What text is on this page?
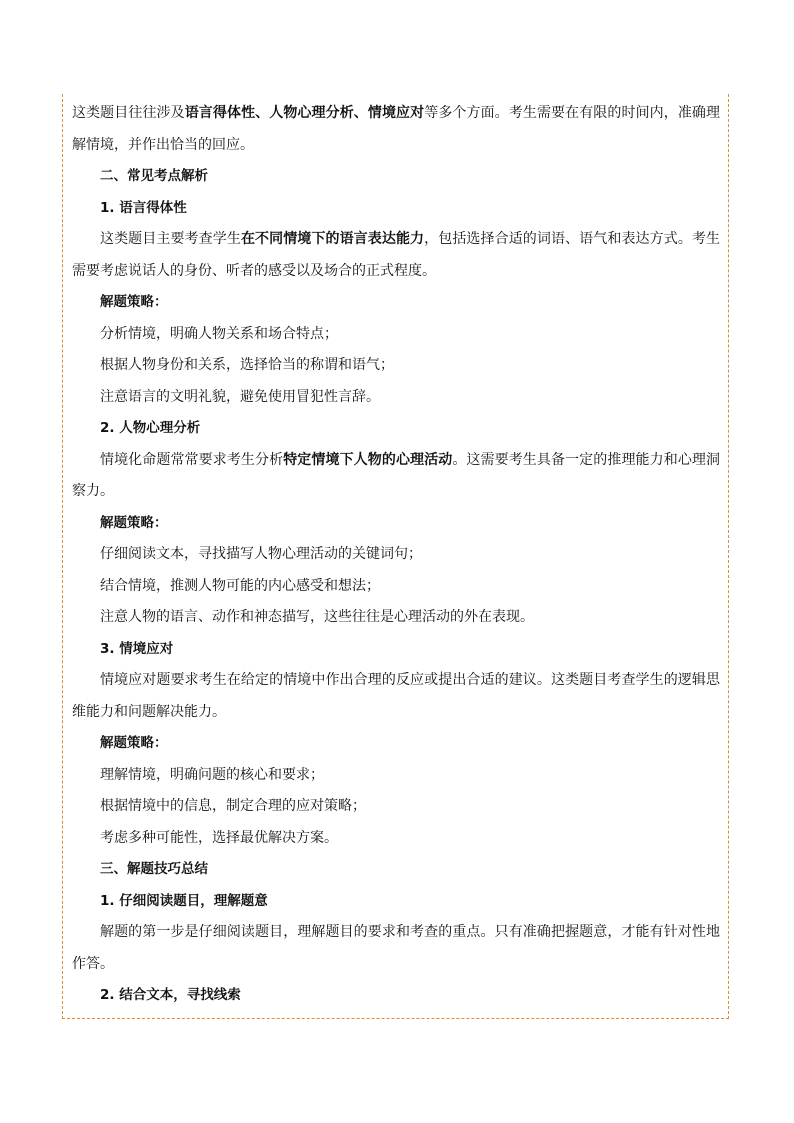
这类题目往往涉及语言得体性、人物心理分析、情境应对等多个方面。考生需要在有限的时间内，准确理解情境，并作出恰当的回应。

二、常见考点解析

1. 语言得体性

这类题目主要考查学生在不同情境下的语言表达能力，包括选择合适的词语、语气和表达方式。考生需要考虑说话人的身份、听者的感受以及场合的正式程度。

解题策略：

分析情境，明确人物关系和场合特点；

根据人物身份和关系，选择恰当的称谓和语气；

注意语言的文明礼貌，避免使用冒犯性言辞。

2. 人物心理分析

情境化命题常常要求考生分析特定情境下人物的心理活动。这需要考生具备一定的推理能力和心理洞察力。

解题策略：

仔细阅读文本，寻找描写人物心理活动的关键词句；

结合情境，推测人物可能的内心感受和想法；

注意人物的语言、动作和神态描写，这些往往是心理活动的外在表现。

3. 情境应对

情境应对题要求考生在给定的情境中作出合理的反应或提出合适的建议。这类题目考查学生的逻辑思维能力和问题解决能力。

解题策略：

理解情境，明确问题的核心和要求；

根据情境中的信息，制定合理的应对策略；

考虑多种可能性，选择最优解决方案。

三、解题技巧总结

1. 仔细阅读题目，理解题意

解题的第一步是仔细阅读题目，理解题目的要求和考查的重点。只有准确把握题意，才能有针对性地作答。

2. 结合文本，寻找线索
